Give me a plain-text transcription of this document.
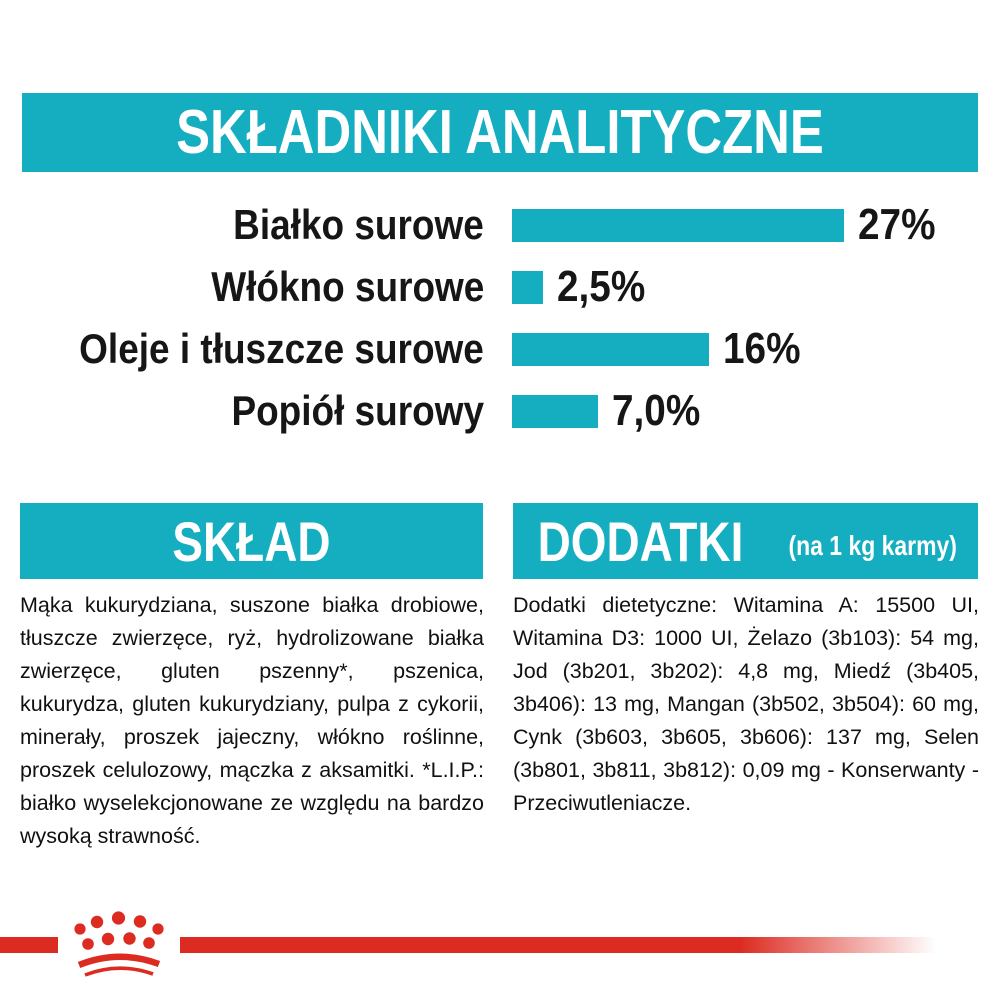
SKŁADNIKI ANALITYCZNE
Białko surowe	27%
Włókno surowe 2,5%
Oleje i tłuszcze surowe	16%
Popiół surowy	7,0%
SKŁAD	DODATKI (na 1 kg karmy)
Mąka kukurydziana, suszone białka drobiowe, tłuszcze zwierzęce, ryż, hydrolizowane białka zwierzęce, gluten pszenny*, pszenica, kukurydza, gluten kukurydziany, pulpa z cykorii, minerały, proszek jajeczny, włókno roślinne, proszek celulozowy, mączka z aksamitki. *L.I.P.: białko wyselekcjonowane ze względu na bardzo wysoką strawność.
Dodatki dietetyczne: Witamina A: 15500 UI, Witamina D3: 1000 UI, Żelazo (3b103): 54 mg, Jod (3b201, 3b202): 4,8 mg, Miedź (3b405, 3b406): 13 mg, Mangan (3b502, 3b504): 60 mg, Cynk (3b603, 3b605, 3b606): 137 mg, Selen (3b801, 3b811, 3b812): 0,09 mg - Konserwanty - Przeciwutleniacze.
